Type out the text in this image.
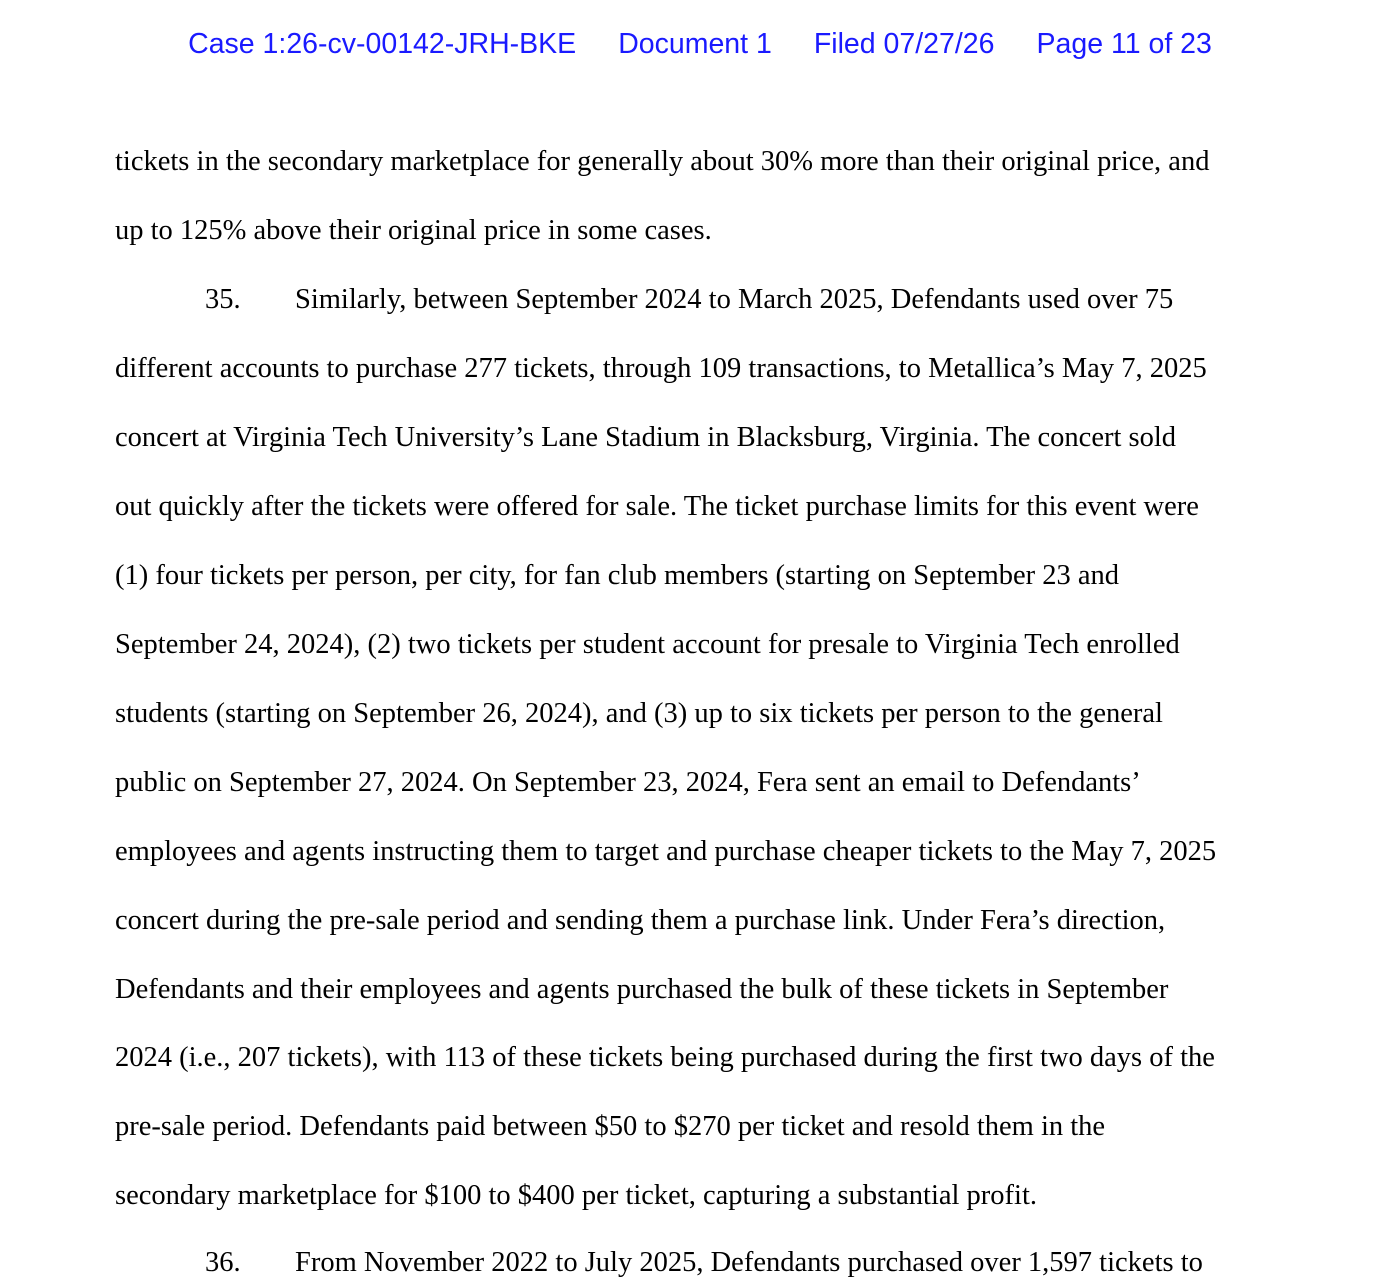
Case 1:26-cv-00142-JRH-BKE Document 1 Filed 07/27/26 Page 11 of 23
tickets in the secondary marketplace for generally about 30% more than their original price, and
up to 125% above their original price in some cases.
35. Similarly, between September 2024 to March 2025, Defendants used over 75
different accounts to purchase 277 tickets, through 109 transactions, to Metallica’s May 7, 2025
concert at Virginia Tech University’s Lane Stadium in Blacksburg, Virginia. The concert sold
out quickly after the tickets were offered for sale. The ticket purchase limits for this event were
(1) four tickets per person, per city, for fan club members (starting on September 23 and
September 24, 2024), (2) two tickets per student account for presale to Virginia Tech enrolled
students (starting on September 26, 2024), and (3) up to six tickets per person to the general
public on September 27, 2024. On September 23, 2024, Fera sent an email to Defendants’
employees and agents instructing them to target and purchase cheaper tickets to the May 7, 2025
concert during the pre-sale period and sending them a purchase link. Under Fera’s direction,
Defendants and their employees and agents purchased the bulk of these tickets in September
2024 (i.e., 207 tickets), with 113 of these tickets being purchased during the first two days of the
pre-sale period. Defendants paid between $50 to $270 per ticket and resold them in the
secondary marketplace for $100 to $400 per ticket, capturing a substantial profit.
36. From November 2022 to July 2025, Defendants purchased over 1,597 tickets to
